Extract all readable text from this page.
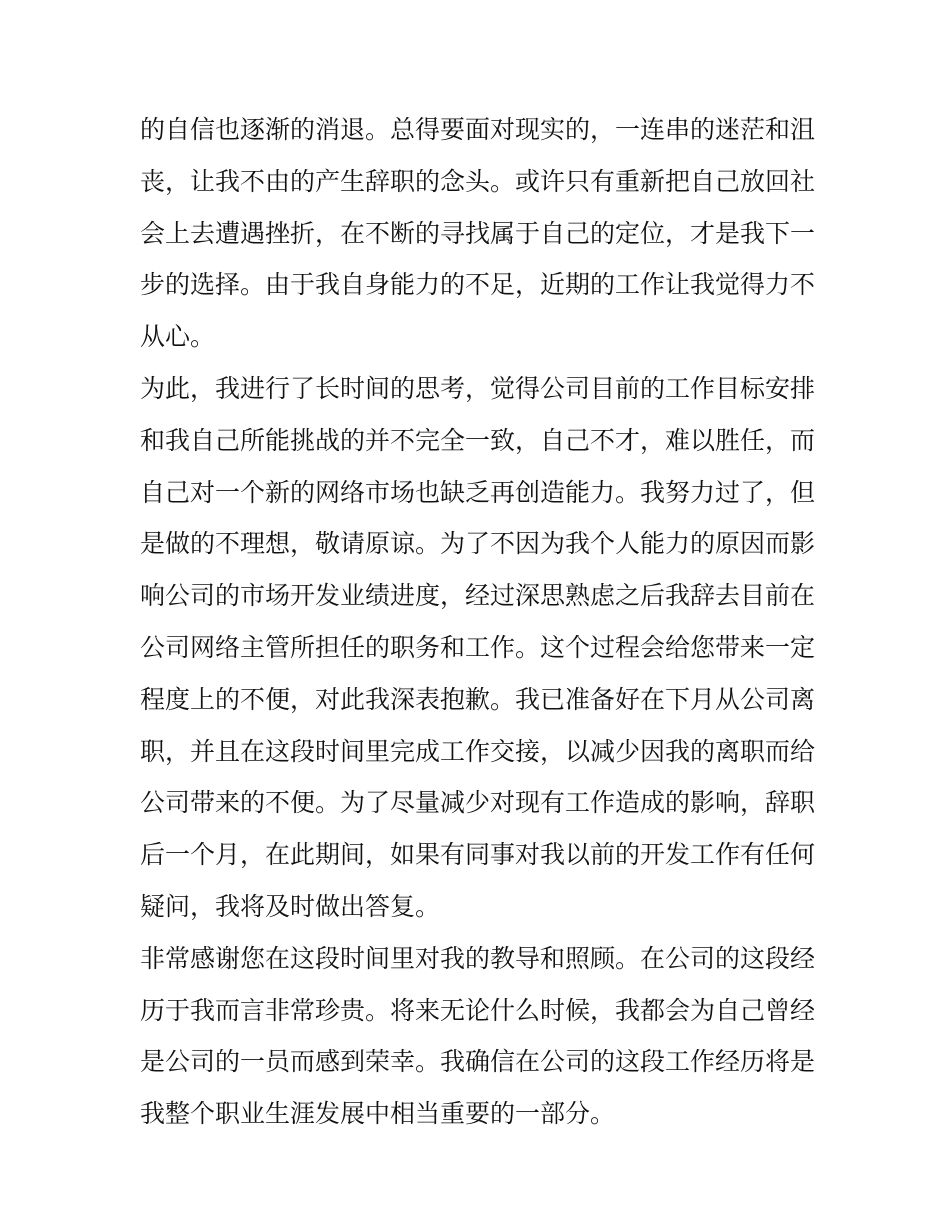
的自信也逐渐的消退。总得要面对现实的，一连串的迷茫和沮
丧，让我不由的产生辞职的念头。或许只有重新把自己放回社
会上去遭遇挫折，在不断的寻找属于自己的定位，才是我下一
步的选择。由于我自身能力的不足，近期的工作让我觉得力不
从心。
为此，我进行了长时间的思考，觉得公司目前的工作目标安排
和我自己所能挑战的并不完全一致，自己不才，难以胜任，而
自己对一个新的网络市场也缺乏再创造能力。我努力过了，但
是做的不理想，敬请原谅。为了不因为我个人能力的原因而影
响公司的市场开发业绩进度，经过深思熟虑之后我辞去目前在
公司网络主管所担任的职务和工作。这个过程会给您带来一定
程度上的不便，对此我深表抱歉。我已准备好在下月从公司离
职，并且在这段时间里完成工作交接，以减少因我的离职而给
公司带来的不便。为了尽量减少对现有工作造成的影响，辞职
后一个月，在此期间，如果有同事对我以前的开发工作有任何
疑问，我将及时做出答复。
非常感谢您在这段时间里对我的教导和照顾。在公司的这段经
历于我而言非常珍贵。将来无论什么时候，我都会为自己曾经
是公司的一员而感到荣幸。我确信在公司的这段工作经历将是
我整个职业生涯发展中相当重要的一部分。
